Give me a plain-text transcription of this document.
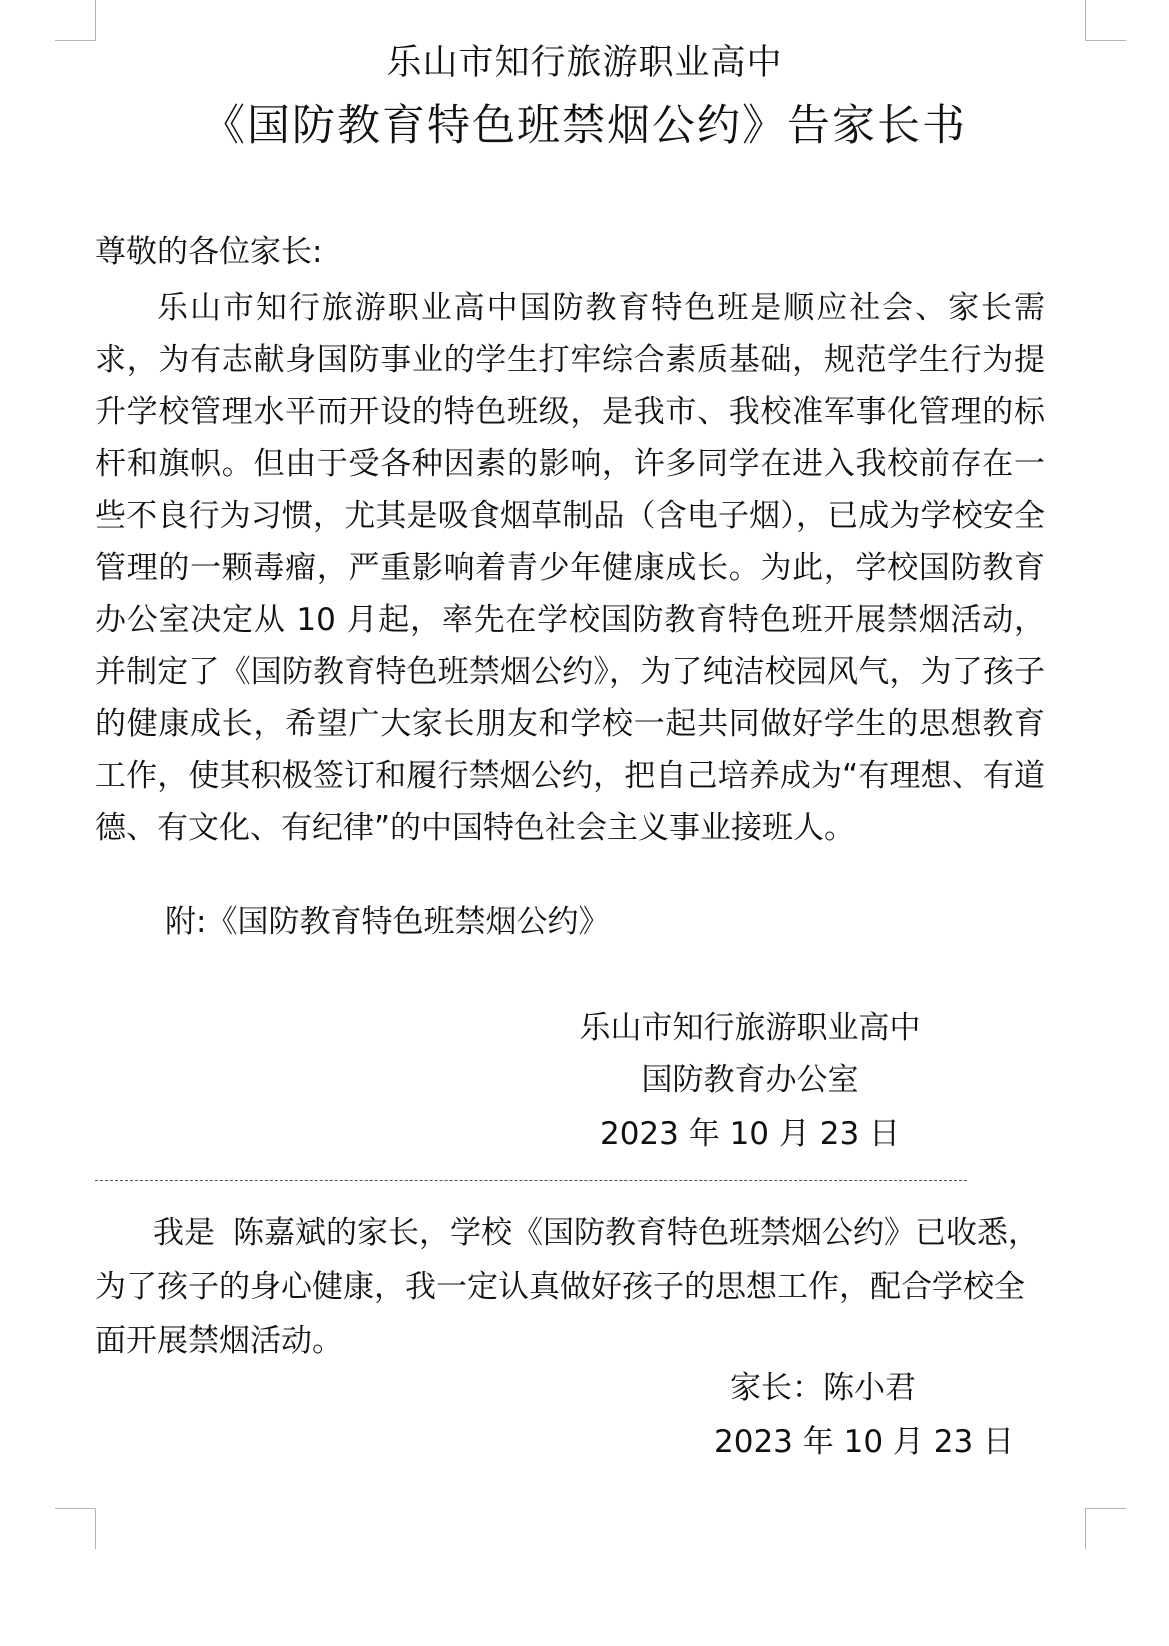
乐山市知行旅游职业高中
《国防教育特色班禁烟公约》告家长书
尊敬的各位家长:

乐山市知行旅游职业高中国防教育特色班是顺应社会、家长需求，为有志献身国防事业的学生打牢综合素质基础，规范学生行为提升学校管理水平而开设的特色班级，是我市、我校准军事化管理的标杆和旗帜。但由于受各种因素的影响，许多同学在进入我校前存在一些不良行为习惯，尤其是吸食烟草制品（含电子烟），已成为学校安全管理的一颗毒瘤，严重影响着青少年健康成长。为此，学校国防教育办公室决定从 10 月起，率先在学校国防教育特色班开展禁烟活动，并制定了《国防教育特色班禁烟公约》，为了纯洁校园风气，为了孩子的健康成长，希望广大家长朋友和学校一起共同做好学生的思想教育工作，使其积极签订和履行禁烟公约，把自己培养成为“有理想、有道德、有文化、有纪律”的中国特色社会主义事业接班人。

附:《国防教育特色班禁烟公约》
乐山市知行旅游职业高中
国防教育办公室
2023 年 10 月 23 日

我是 陈嘉斌的家长，学校《国防教育特色班禁烟公约》已收悉，为了孩子的身心健康，我一定认真做好孩子的思想工作，配合学校全面开展禁烟活动。

家长：陈小君
2023 年 10 月 23 日
